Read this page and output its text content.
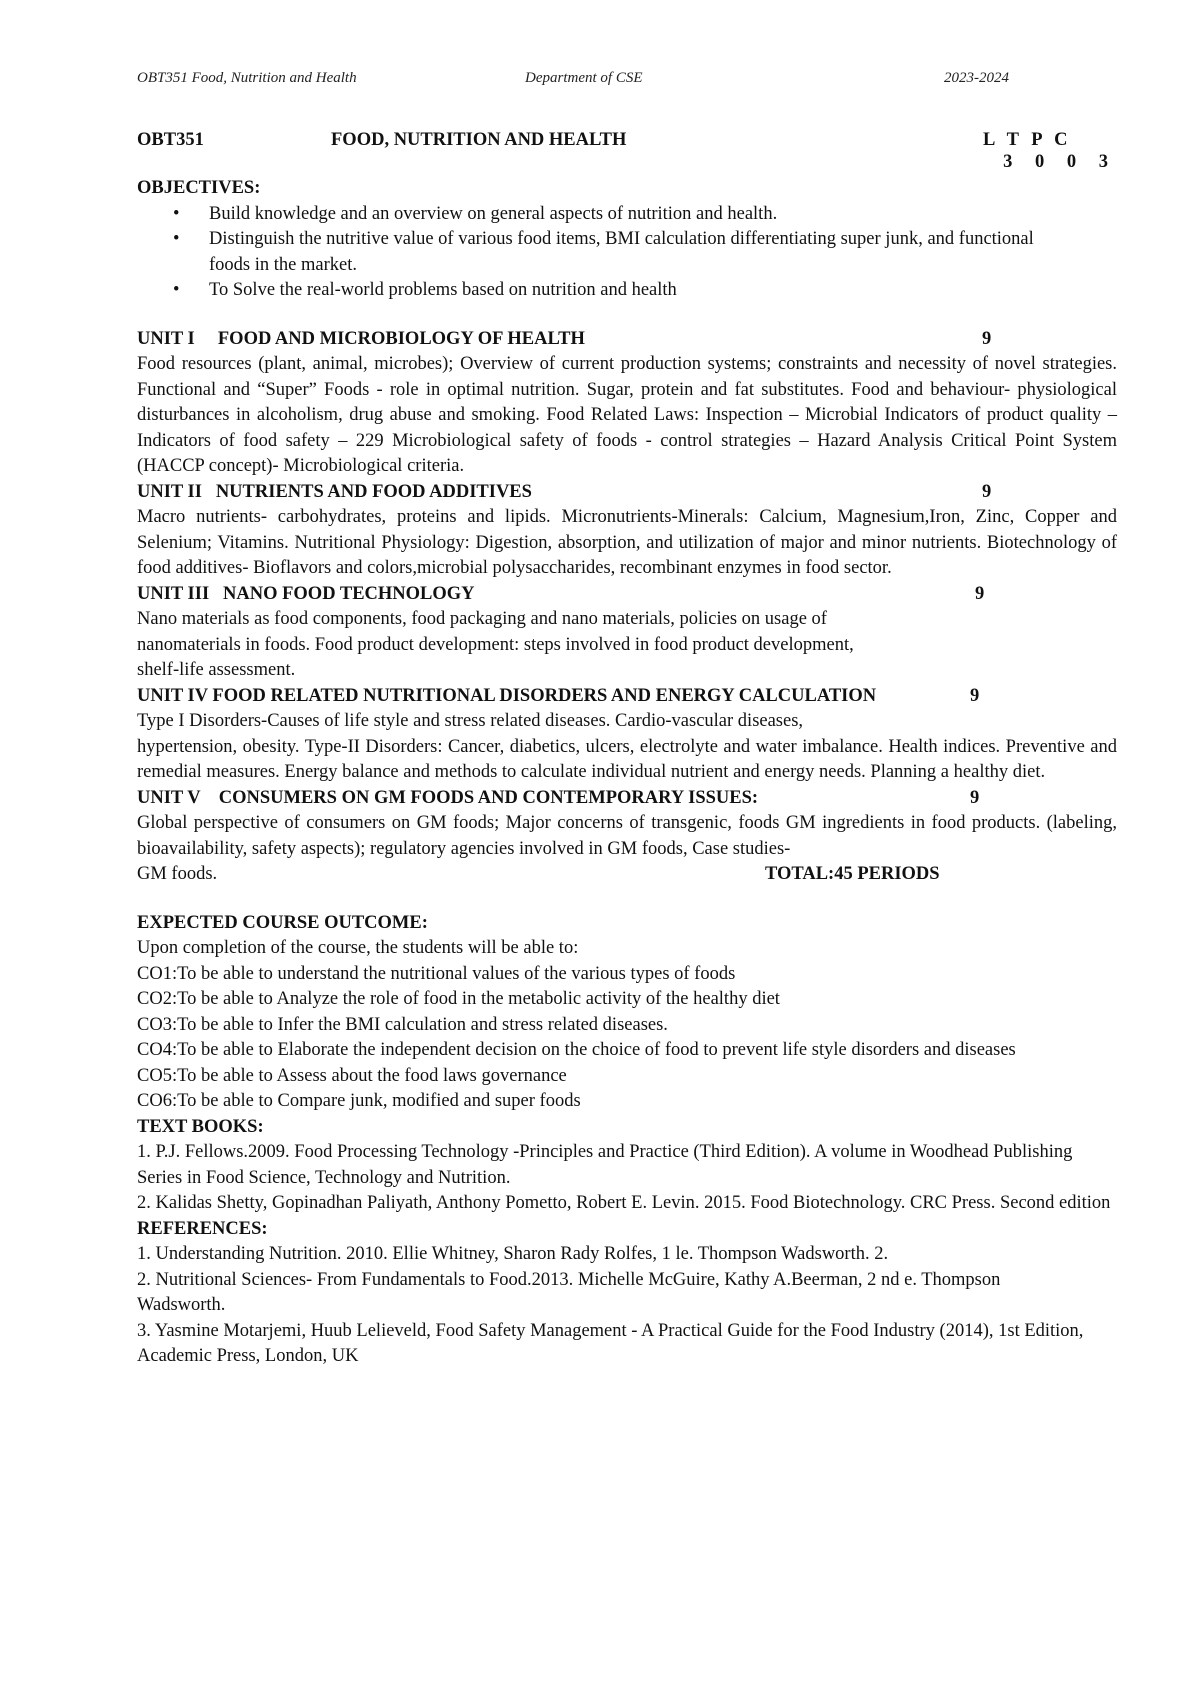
OBT351 Food, Nutrition and Health	Department of CSE	2023-2024
OBT351	FOOD, NUTRITION AND HEALTH	L T P C
3 0 0 3

OBJECTIVES:

• Build knowledge and an overview on general aspects of nutrition and health.
• Distinguish the nutritive value of various food items, BMI calculation differentiating super junk, and functional foods in the market.
• To Solve the real-world problems based on nutrition and health
UNIT I     FOOD AND MICROBIOLOGY OF HEALTH	9

Food resources (plant, animal, microbes); Overview of current production systems; constraints and necessity of novel strategies. Functional and “Super” Foods - role in optimal nutrition. Sugar, protein and fat substitutes. Food and behaviour- physiological disturbances in alcoholism, drug abuse and smoking. Food Related Laws: Inspection – Microbial Indicators of product quality – Indicators of food safety – 229 Microbiological safety of foods - control strategies – Hazard Analysis Critical Point System (HACCP concept)- Microbiological criteria.

UNIT II   NUTRIENTS AND FOOD ADDITIVES	9

Macro nutrients- carbohydrates, proteins and lipids. Micronutrients-Minerals: Calcium, Magnesium,Iron, Zinc, Copper and Selenium; Vitamins. Nutritional Physiology: Digestion, absorption, and utilization of major and minor nutrients. Biotechnology of food additives- Bioflavors and colors,microbial polysaccharides, recombinant enzymes in food sector.

UNIT III   NANO FOOD TECHNOLOGY	9
Nano materials as food components, food packaging and nano materials, policies on usage of
nanomaterials in foods. Food product development: steps involved in food product development,
shelf-life assessment.
UNIT IV FOOD RELATED NUTRITIONAL DISORDERS AND ENERGY CALCULATION	9
Type I Disorders-Causes of life style and stress related diseases. Cardio-vascular diseases,

hypertension, obesity. Type-II Disorders: Cancer, diabetics, ulcers, electrolyte and water imbalance. Health indices. Preventive and remedial measures. Energy balance and methods to calculate individual nutrient and energy needs. Planning a healthy diet.

UNIT V    CONSUMERS ON GM FOODS AND CONTEMPORARY ISSUES:	9

Global perspective of consumers on GM foods; Major concerns of transgenic, foods GM ingredients in food products. (labeling, bioavailability, safety aspects); regulatory agencies involved in GM foods, Case studies-

GM foods.	TOTAL:45 PERIODS

EXPECTED COURSE OUTCOME:

Upon completion of the course, the students will be able to:
CO1:To be able to understand the nutritional values of the various types of foods
CO2:To be able to Analyze the role of food in the metabolic activity of the healthy diet
CO3:To be able to Infer the BMI calculation and stress related diseases.
CO4:To be able to Elaborate the independent decision on the choice of food to prevent life style disorders and diseases
CO5:To be able to Assess about the food laws governance
CO6:To be able to Compare junk, modified and super foods

TEXT BOOKS:

1. P.J. Fellows.2009. Food Processing Technology -Principles and Practice (Third Edition). A volume in Woodhead Publishing Series in Food Science, Technology and Nutrition.
2. Kalidas Shetty, Gopinadhan Paliyath, Anthony Pometto, Robert E. Levin. 2015. Food Biotechnology. CRC Press. Second edition

REFERENCES:

1. Understanding Nutrition. 2010. Ellie Whitney, Sharon Rady Rolfes, 1 le. Thompson Wadsworth. 2.
2. Nutritional Sciences- From Fundamentals to Food.2013. Michelle McGuire, Kathy A.Beerman, 2 nd e. Thompson Wadsworth.
3. Yasmine Motarjemi, Huub Lelieveld, Food Safety Management - A Practical Guide for the Food Industry (2014), 1st Edition, Academic Press, London, UK
